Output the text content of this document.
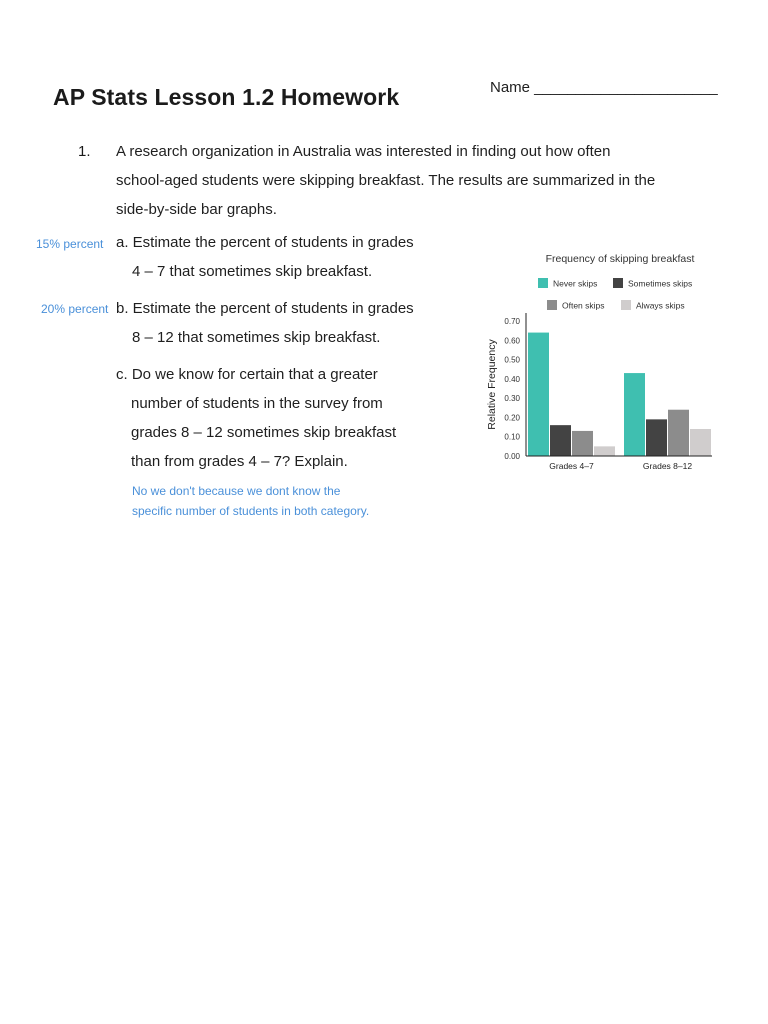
AP Stats Lesson 1.2 Homework	Name ______________________
1. A research organization in Australia was interested in finding out how often
school-aged students were skipping breakfast. The results are summarized in the
side-by-side bar graphs.
15% percent a. Estimate the percent of students in grades
4 – 7 that sometimes skip breakfast.
20% percent b. Estimate the percent of students in grades
8 – 12 that sometimes skip breakfast.
c. Do we know for certain that a greater
number of students in the survey from
grades 8 – 12 sometimes skip breakfast
than from grades 4 – 7? Explain.
No we don't because we dont know the
specific number of students in both category.
Frequency of skipping breakfast
Never skips	Sometimes skips
Often skips	Always skips
0.00
0.10
0.20
0.30
0.40
0.50
0.60
0.70
Relative Frequency
Grades 4–7	Grades 8–12
